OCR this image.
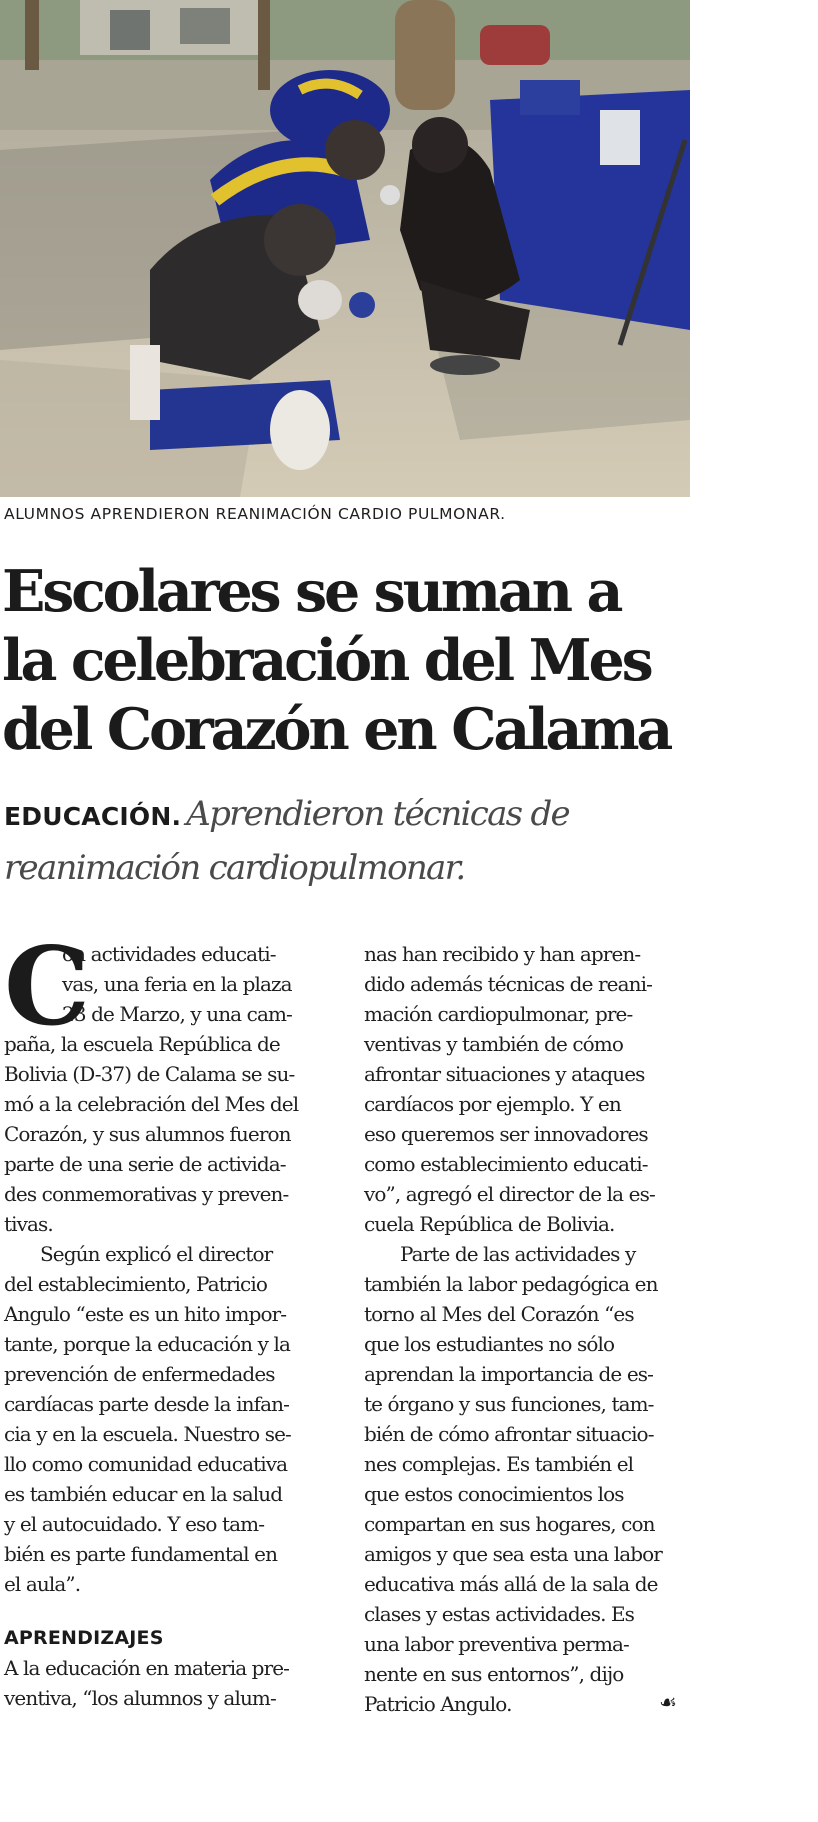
ALUMNOS APRENDIERON REANIMACIÓN CARDIO PULMONAR.
Escolares se suman a
la celebración del Mes
del Corazón en Calama
EDUCACIÓN. Aprendieron técnicas de
reanimación cardiopulmonar.
C
on actividades educati-
vas, una feria en la plaza
23 de Marzo, y una cam-
paña, la escuela República de
Bolivia (D-37) de Calama se su-
mó a la celebración del Mes del
Corazón, y sus alumnos fueron
parte de una serie de activida-
des conmemorativas y preven-
tivas.
Según explicó el director
del establecimiento, Patricio
Angulo “este es un hito impor-
tante, porque la educación y la
prevención de enfermedades
cardíacas parte desde la infan-
cia y en la escuela. Nuestro se-
llo como comunidad educativa
es también educar en la salud
y el autocuidado. Y eso tam-
bién es parte fundamental en
el aula”.
APRENDIZAJES
A la educación en materia pre-
ventiva, “los alumnos y alum-
nas han recibido y han apren-
dido además técnicas de reani-
mación cardiopulmonar, pre-
ventivas y también de cómo
afrontar situaciones y ataques
cardíacos por ejemplo. Y en
eso queremos ser innovadores
como establecimiento educati-
vo”, agregó el director de la es-
cuela República de Bolivia.
Parte de las actividades y
también la labor pedagógica en
torno al Mes del Corazón “es
que los estudiantes no sólo
aprendan la importancia de es-
te órgano y sus funciones, tam-
bién de cómo afrontar situacio-
nes complejas. Es también el
que estos conocimientos los
compartan en sus hogares, con
amigos y que sea esta una labor
educativa más allá de la sala de
clases y estas actividades. Es
una labor preventiva perma-
nente en sus entornos”, dijo
Patricio Angulo.	☙
